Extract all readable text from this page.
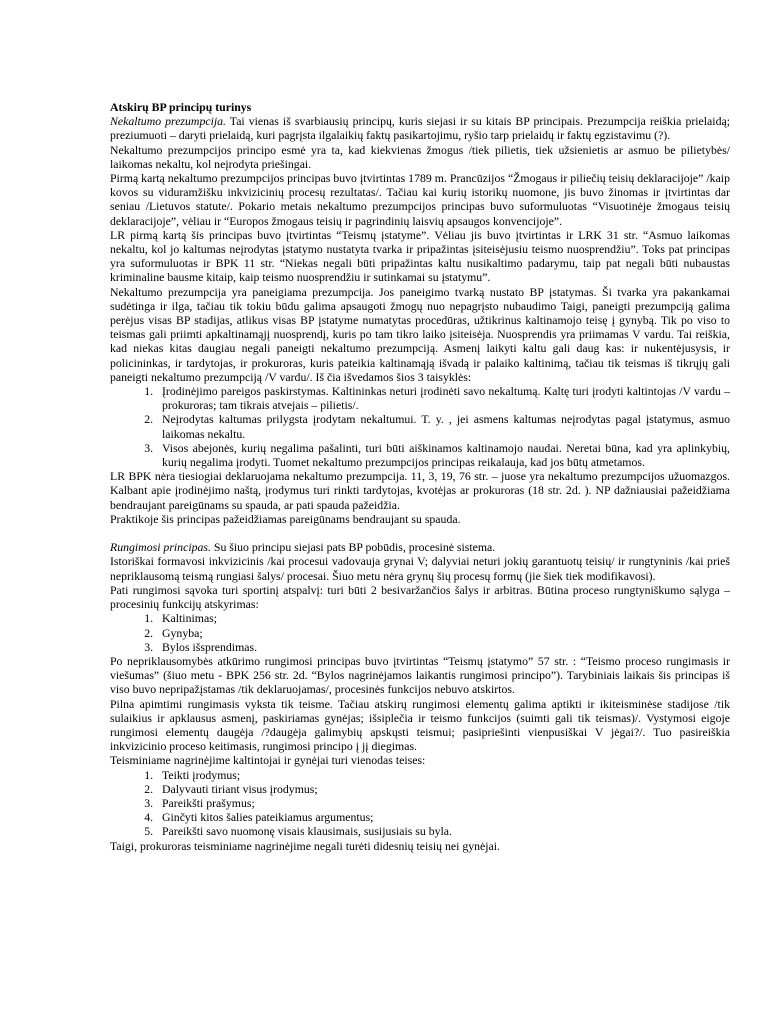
Atskirų BP principų turinys

Nekaltumo prezumpcija. Tai vienas iš svarbiausių principų, kuris siejasi ir su kitais BP principais. Prezumpcija reiškia prielaidą; preziumuoti – daryti prielaidą, kuri pagrįsta ilgalaikių faktų pasikartojimu, ryšio tarp prielaidų ir faktų egzistavimu (?).

Nekaltumo prezumpcijos principo esmė yra ta, kad kiekvienas žmogus /tiek pilietis, tiek užsienietis ar asmuo be pilietybės/ laikomas nekaltu, kol neįrodyta priešingai.

Pirmą kartą nekaltumo prezumpcijos principas buvo įtvirtintas 1789 m. Prancūzijos “Žmogaus ir piliečių teisių deklaracijoje” /kaip kovos su viduramžišku inkvizicinių procesų rezultatas/. Tačiau kai kurių istorikų nuomone, jis buvo žinomas ir įtvirtintas dar seniau /Lietuvos statute/. Pokario metais nekaltumo prezumpcijos principas buvo suformuluotas “Visuotinėje žmogaus teisių deklaracijoje”, vėliau ir “Europos žmogaus teisių ir pagrindinių laisvių apsaugos konvencijoje”.

LR pirmą kartą šis principas buvo įtvirtintas “Teismų įstatyme”. Vėliau jis buvo įtvirtintas ir LRK 31 str. “Asmuo laikomas nekaltu, kol jo kaltumas neįrodytas įstatymo nustatyta tvarka ir pripažintas įsiteisėjusiu teismo nuosprendžiu”. Toks pat principas yra suformuluotas ir BPK 11 str. “Niekas negali būti pripažintas kaltu nusikaltimo padarymu, taip pat negali būti nubaustas kriminaline bausme kitaip, kaip teismo nuosprendžiu ir sutinkamai su įstatymu”.

Nekaltumo prezumpcija yra paneigiama prezumpcija. Jos paneigimo tvarką nustato BP įstatymas. Ši tvarka yra pakankamai sudėtinga ir ilga, tačiau tik tokiu būdu galima apsaugoti žmogų nuo nepagrįsto nubaudimo Taigi, paneigti prezumpciją galima perėjus visas BP stadijas, atlikus visas BP įstatyme numatytas procedūras, užtikrinus kaltinamojo teisę į gynybą. Tik po viso to teismas gali priimti apkaltinamąjį nuosprendį, kuris po tam tikro laiko įsiteisėja. Nuosprendis yra priimamas V vardu. Tai reiškia, kad niekas kitas daugiau negali paneigti nekaltumo prezumpciją. Asmenį laikyti kaltu gali daug kas: ir nukentėjusysis, ir policininkas, ir tardytojas, ir prokuroras, kuris pateikia kaltinamąją išvadą ir palaiko kaltinimą, tačiau tik teismas iš tikrųjų gali paneigti nekaltumo prezumpciją /V vardu/. Iš čia išvedamos šios 3 taisyklės:

1. Įrodinėjimo pareigos paskirstymas. Kaltininkas neturi įrodinėti savo nekaltumą. Kaltę turi įrodyti kaltintojas /V vardu – prokuroras; tam tikrais atvejais – pilietis/.
2. Neįrodytas kaltumas prilygsta įrodytam nekaltumui. T. y. , jei asmens kaltumas neįrodytas pagal įstatymus, asmuo laikomas nekaltu.
3. Visos abejonės, kurių negalima pašalinti, turi būti aiškinamos kaltinamojo naudai. Neretai būna, kad yra aplinkybių, kurių negalima įrodyti. Tuomet nekaltumo prezumpcijos principas reikalauja, kad jos būtų atmetamos.

LR BPK nėra tiesiogiai deklaruojama nekaltumo prezumpcija. 11, 3, 19, 76 str. – juose yra nekaltumo prezumpcijos užuomazgos. Kalbant apie įrodinėjimo naštą, įrodymus turi rinkti tardytojas, kvotėjas ar prokuroras (18 str. 2d. ). NP dažniausiai pažeidžiama bendraujant pareigūnams su spauda, ar pati spauda pažeidžia.

Praktikoje šis principas pažeidžiamas pareigūnams bendraujant su spauda.

Rungimosi principas. Su šiuo principu siejasi pats BP pobūdis, procesinė sistema.

Istoriškai formavosi inkvizicinis /kai procesui vadovauja grynai V; dalyviai neturi jokių garantuotų teisių/ ir rungtyninis /kai prieš nepriklausomą teismą rungiasi šalys/ procesai. Šiuo metu nėra grynų šių procesų formų (jie šiek tiek modifikavosi).

Pati rungimosi sąvoka turi sportinį atspalvį: turi būti 2 besivaržančios šalys ir arbitras. Būtina proceso rungtyniškumo sąlyga – procesinių funkcijų atskyrimas:

1. Kaltinimas;
2. Gynyba;
3. Bylos išsprendimas.

Po nepriklausomybės atkūrimo rungimosi principas buvo įtvirtintas “Teismų įstatymo” 57 str. : “Teismo proceso rungimasis ir viešumas” (šiuo metu - BPK 256 str. 2d. “Bylos nagrinėjamos laikantis rungimosi principo”). Tarybiniais laikais šis principas iš viso buvo nepripažįstamas /tik deklaruojamas/, procesinės funkcijos nebuvo atskirtos.

Pilna apimtimi rungimasis vyksta tik teisme. Tačiau atskirų rungimosi elementų galima aptikti ir ikiteisminėse stadijose /tik sulaikius ir apklausus asmenį, paskiriamas gynėjas; išsiplečia ir teismo funkcijos (suimti gali tik teismas)/. Vystymosi eigoje rungimosi elementų daugėja /?daugėja galimybių apskųsti teismui; pasipriešinti vienpusiškai V jėgai?/. Tuo pasireiškia inkvizicinio proceso keitimasis, rungimosi principo į jį diegimas.

Teisminiame nagrinėjime kaltintojai ir gynėjai turi vienodas teises:

1. Teikti įrodymus;
2. Dalyvauti tiriant visus įrodymus;
3. Pareikšti prašymus;
4. Ginčyti kitos šalies pateikiamus argumentus;
5. Pareikšti savo nuomonę visais klausimais, susijusiais su byla.

Taigi, prokuroras teisminiame nagrinėjime negali turėti didesnių teisių nei gynėjai.
